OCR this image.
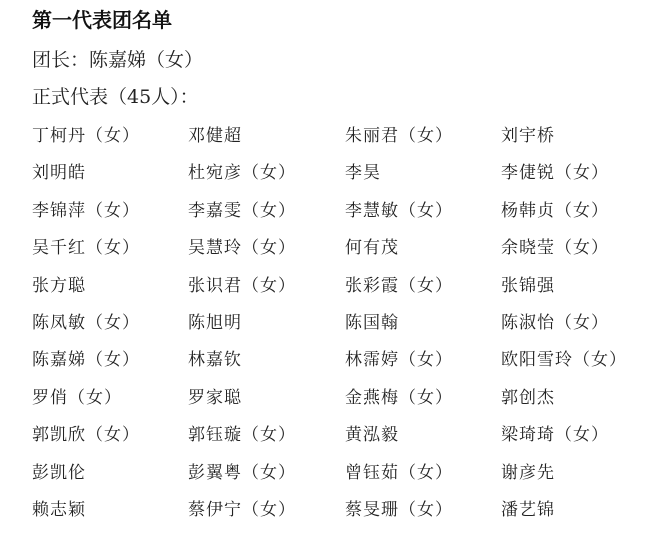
第一代表团名单
团长：陈嘉娣（女）
正式代表（45人）：
丁柯丹（女）	邓健超	朱丽君（女）	刘宇桥
刘明皓	杜宛彦（女）	李昊	李倢锐（女）
李锦萍（女）	李嘉雯（女）	李慧敏（女）	杨韩贞（女）
吴千红（女）	吴慧玲（女）	何有茂	余晓莹（女）
张方聪	张识君（女）	张彩霞（女）	张锦强
陈凤敏（女）	陈旭明	陈国翰	陈淑怡（女）
陈嘉娣（女）	林嘉钦	林霈婷（女）	欧阳雪玲（女）
罗俏（女）	罗家聪	金燕梅（女）	郭创杰
郭凯欣（女）	郭钰璇（女）	黄泓毅	梁琦琦（女）
彭凯伦	彭翼粤（女）	曾钰茹（女）	谢彦先
赖志颖	蔡伊宁（女）	蔡旻珊（女）	潘艺锦
